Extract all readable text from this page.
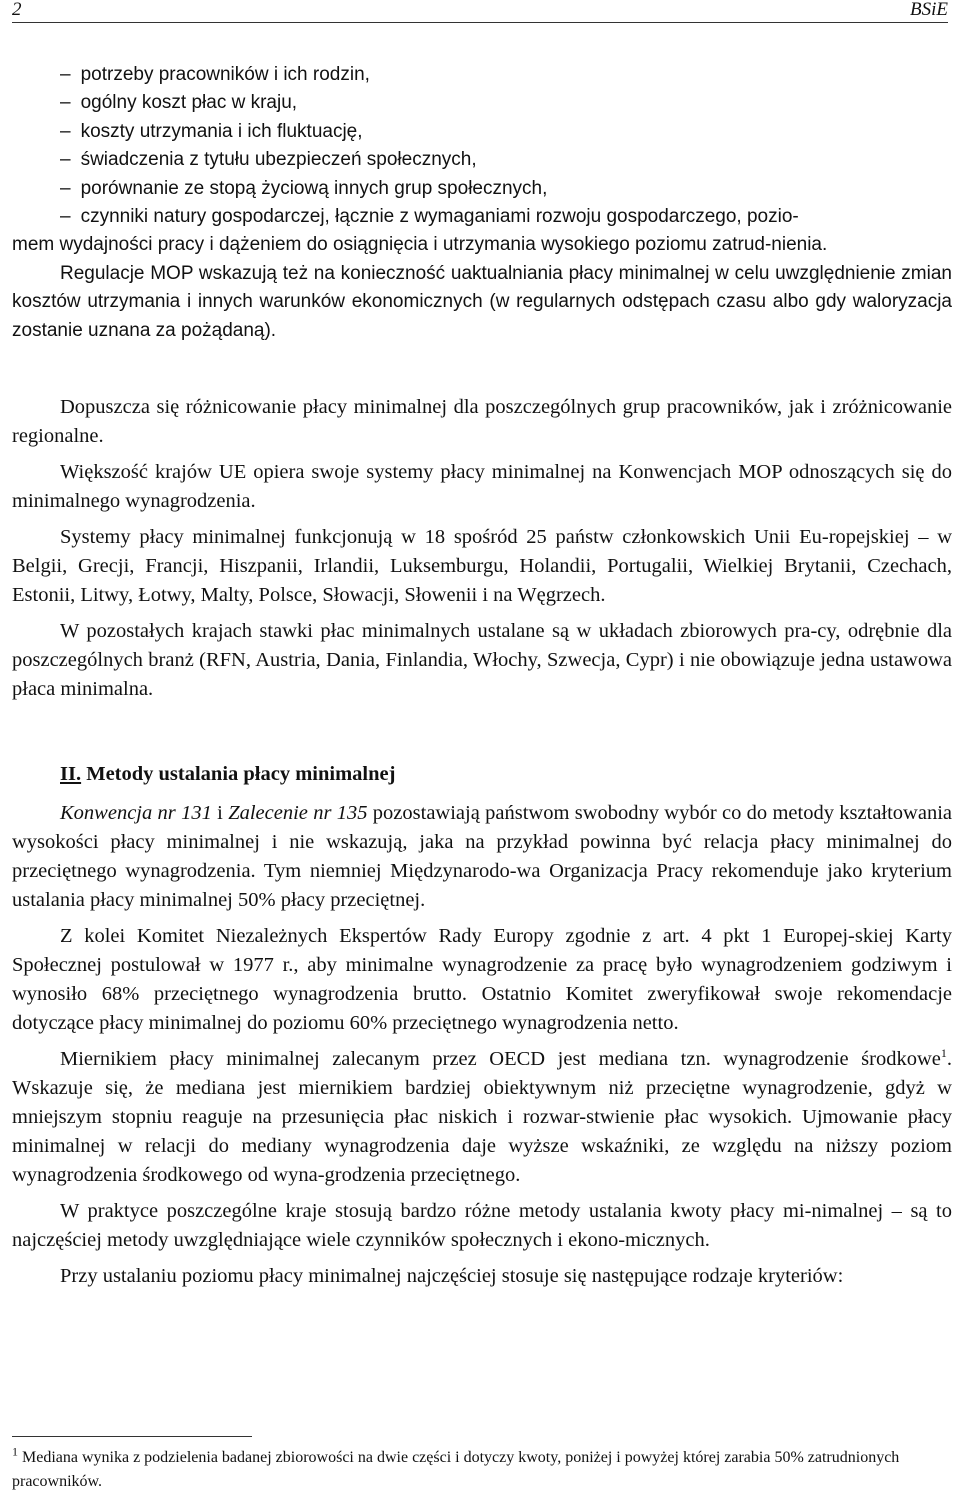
2	BSiE

– potrzeby pracowników i ich rodzin,

– ogólny koszt płac w kraju,

– koszty utrzymania i ich fluktuację,

– świadczenia z tytułu ubezpieczeń społecznych,

– porównanie ze stopą życiową innych grup społecznych,

– czynniki natury gospodarczej, łącznie z wymaganiami rozwoju gospodarczego, pozio-

mem wydajności pracy i dążeniem do osiągnięcia i utrzymania wysokiego poziomu zatrud-nienia.

Regulacje MOP wskazują też na konieczność uaktualniania płacy minimalnej w celu uwzględnienie zmian kosztów utrzymania i innych warunków ekonomicznych (w regularnych odstępach czasu albo gdy waloryzacja zostanie uznana za pożądaną).

Dopuszcza się różnicowanie płacy minimalnej dla poszczególnych grup pracowników, jak i zróżnicowanie regionalne.

Większość krajów UE opiera swoje systemy płacy minimalnej na Konwencjach MOP odnoszących się do minimalnego wynagrodzenia.

Systemy płacy minimalnej funkcjonują w 18 spośród 25 państw członkowskich Unii Eu-ropejskiej – w Belgii, Grecji, Francji, Hiszpanii, Irlandii, Luksemburgu, Holandii, Portugalii, Wielkiej Brytanii, Czechach, Estonii, Litwy, Łotwy, Malty, Polsce, Słowacji, Słowenii i na Węgrzech.

W pozostałych krajach stawki płac minimalnych ustalane są w układach zbiorowych pra-cy, odrębnie dla poszczególnych branż (RFN, Austria, Dania, Finlandia, Włochy, Szwecja, Cypr) i nie obowiązuje jedna ustawowa płaca minimalna.

II. Metody ustalania płacy minimalnej

Konwencja nr 131 i Zalecenie nr 135 pozostawiają państwom swobodny wybór co do metody kształtowania wysokości płacy minimalnej i nie wskazują, jaka na przykład powinna być relacja płacy minimalnej do przeciętnego wynagrodzenia. Tym niemniej Międzynarodo-wa Organizacja Pracy rekomenduje jako kryterium ustalania płacy minimalnej 50% płacy przeciętnej.

Z kolei Komitet Niezależnych Ekspertów Rady Europy zgodnie z art. 4 pkt 1 Europej-skiej Karty Społecznej postulował w 1977 r., aby minimalne wynagrodzenie za pracę było wynagrodzeniem godziwym i wynosiło 68% przeciętnego wynagrodzenia brutto. Ostatnio Komitet zweryfikował swoje rekomendacje dotyczące płacy minimalnej do poziomu 60% przeciętnego wynagrodzenia netto.

Miernikiem płacy minimalnej zalecanym przez OECD jest mediana tzn. wynagrodzenie środkowe$^1$. Wskazuje się, że mediana jest miernikiem bardziej obiektywnym niż przeciętne wynagrodzenie, gdyż w mniejszym stopniu reaguje na przesunięcia płac niskich i rozwar-stwienie płac wysokich. Ujmowanie płacy minimalnej w relacji do mediany wynagrodzenia daje wyższe wskaźniki, ze względu na niższy poziom wynagrodzenia środkowego od wyna-grodzenia przeciętnego.

W praktyce poszczególne kraje stosują bardzo różne metody ustalania kwoty płacy mi-nimalnej – są to najczęściej metody uwzględniające wiele czynników społecznych i ekono-micznych.

Przy ustalaniu poziomu płacy minimalnej najczęściej stosuje się następujące rodzaje kryteriów:

$^1$ Mediana wynika z podzielenia badanej zbiorowości na dwie części i dotyczy kwoty, poniżej i powyżej której zarabia 50% zatrudnionych pracowników.
